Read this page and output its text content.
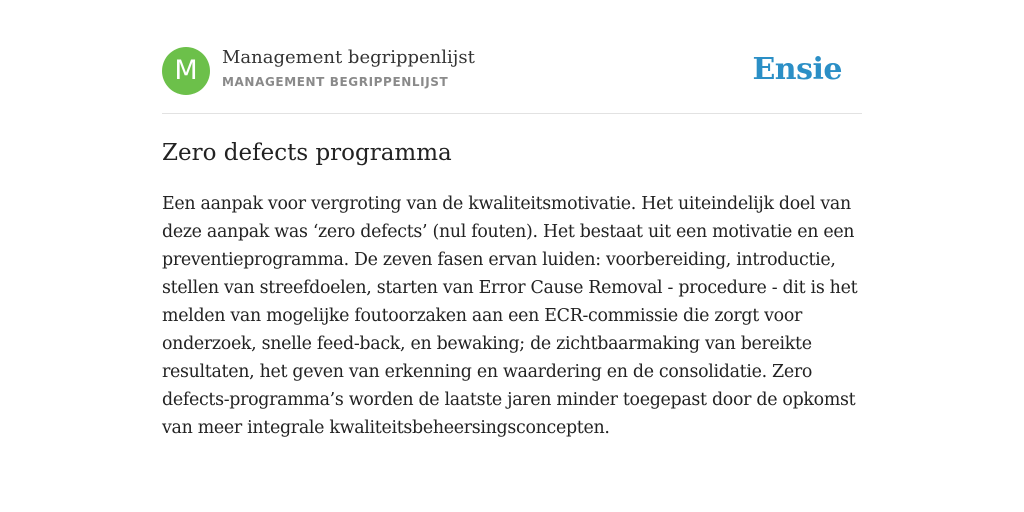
M	Management begrippenlijst
MANAGEMENT BEGRIPPENLIJST	Ensie
Zero defects programma

Een aanpak voor vergroting van de kwaliteitsmotivatie. Het uiteindelijk doel van deze aanpak was ‘zero defects’ (nul fouten). Het bestaat uit een motivatie en een preventieprogramma. De zeven fasen ervan luiden: voorbereiding, introductie, stellen van streefdoelen, starten van Error Cause Removal - procedure - dit is het melden van mogelijke foutoorzaken aan een ECR-commissie die zorgt voor onderzoek, snelle feed-back, en bewaking; de zichtbaarmaking van bereikte resultaten, het geven van erkenning en waardering en de consolidatie. Zero defects-programma’s worden de laatste jaren minder toegepast door de opkomst van meer integrale kwaliteitsbeheersingsconcepten.
